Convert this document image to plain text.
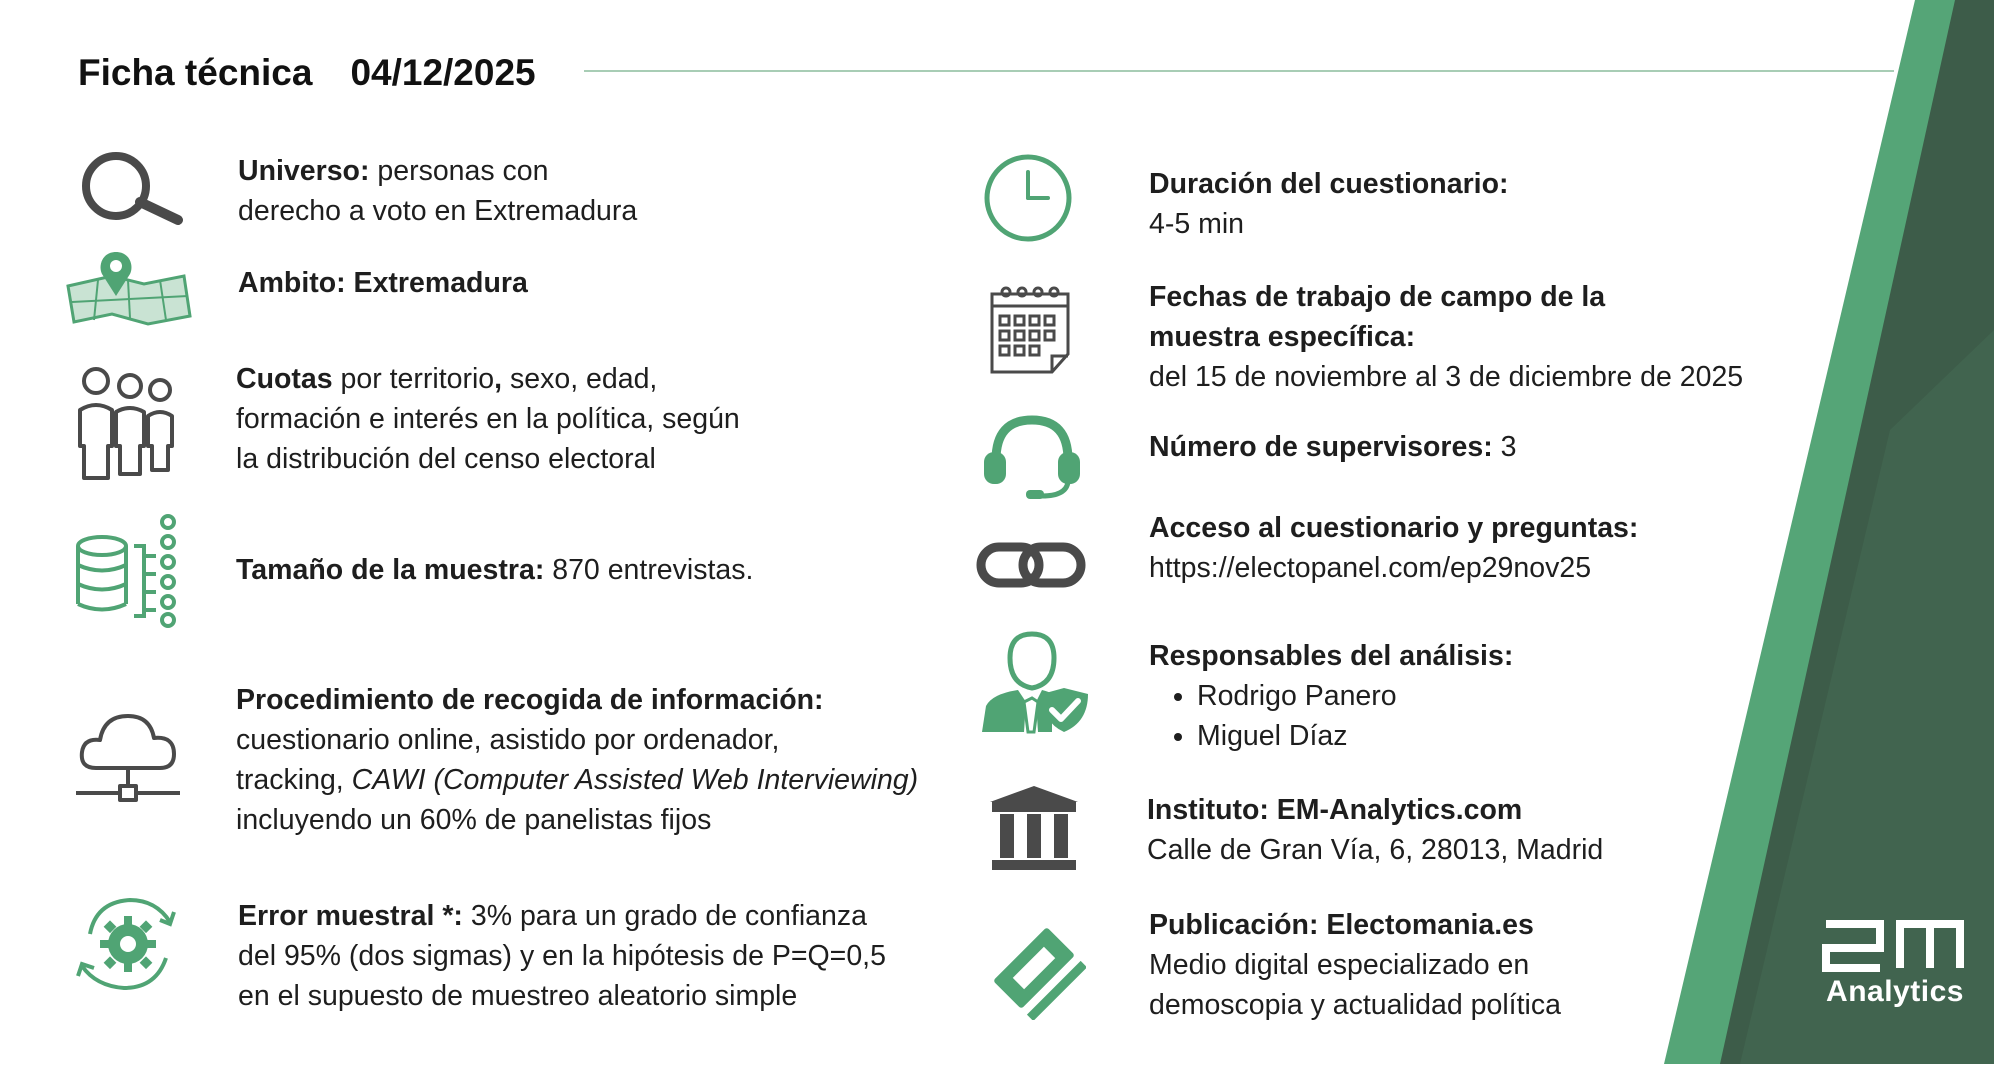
Ficha técnica 04/12/2025
Universo: personas con
derecho a voto en Extremadura
Ambito: Extremadura
Cuotas por territorio, sexo, edad,
formación e interés en la política, según
la distribución del censo electoral
Tamaño de la muestra: 870 entrevistas.
Procedimiento de recogida de información:
cuestionario online, asistido por ordenador,
tracking, CAWI (Computer Assisted Web Interviewing)
incluyendo un 60% de panelistas fijos
Error muestral *: 3% para un grado de confianza
del 95% (dos sigmas) y en la hipótesis de P=Q=0,5
en el supuesto de muestreo aleatorio simple
Duración del cuestionario:
4-5 min
Fechas de trabajo de campo de la
muestra específica:
del 15 de noviembre al 3 de diciembre de 2025
Número de supervisores: 3
Acceso al cuestionario y preguntas:
https://electopanel.com/ep29nov25
Responsables del análisis:
• Rodrigo Panero
• Miguel Díaz
Instituto: EM-Analytics.com
Calle de Gran Vía, 6, 28013, Madrid
Publicación: Electomania.es
Medio digital especializado en
demoscopia y actualidad política	Analytics
